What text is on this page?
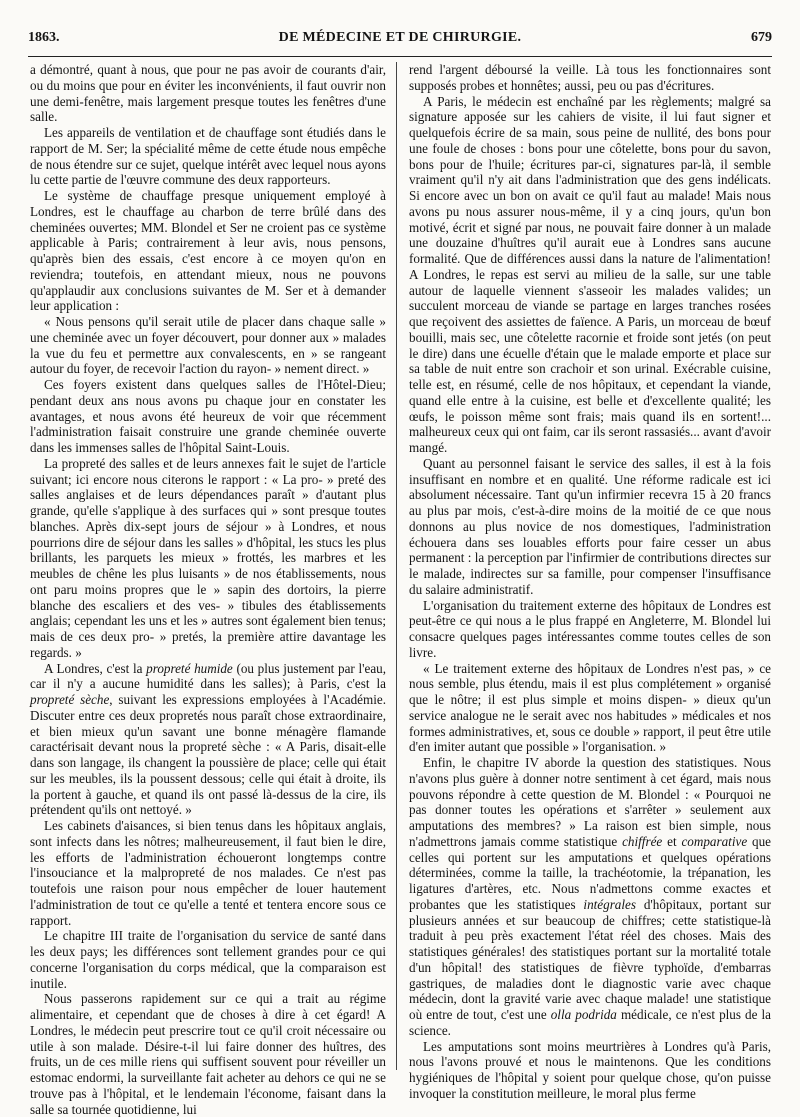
1863.	DE MÉDECINE ET DE CHIRURGIE.	679

a démontré, quant à nous, que pour ne pas avoir de courants d'air, ou du moins que pour en éviter les inconvénients, il faut ouvrir non une demi-fenêtre, mais largement presque toutes les fenêtres d'une salle.

Les appareils de ventilation et de chauffage sont étudiés dans le rapport de M. Ser; la spécialité même de cette étude nous empêche de nous étendre sur ce sujet, quelque intérêt avec lequel nous ayons lu cette partie de l'œuvre commune des deux rapporteurs.

Le système de chauffage presque uniquement employé à Londres, est le chauffage au charbon de terre brûlé dans des cheminées ouvertes; MM. Blondel et Ser ne croient pas ce système applicable à Paris; contrairement à leur avis, nous pensons, qu'après bien des essais, c'est encore à ce moyen qu'on en reviendra; toutefois, en attendant mieux, nous ne pouvons qu'applaudir aux conclusions suivantes de M. Ser et à demander leur application :

« Nous pensons qu'il serait utile de placer dans chaque salle » une cheminée avec un foyer découvert, pour donner aux » malades la vue du feu et permettre aux convalescents, en » se rangeant autour du foyer, de recevoir l'action du rayon- » nement direct. »

Ces foyers existent dans quelques salles de l'Hôtel-Dieu; pendant deux ans nous avons pu chaque jour en constater les avantages, et nous avons été heureux de voir que récemment l'administration faisait construire une grande cheminée ouverte dans les immenses salles de l'hôpital Saint-Louis.

La propreté des salles et de leurs annexes fait le sujet de l'article suivant; ici encore nous citerons le rapport : « La pro- » preté des salles anglaises et de leurs dépendances paraît » d'autant plus grande, qu'elle s'applique à des surfaces qui » sont presque toutes blanches. Après dix-sept jours de séjour » à Londres, et nous pourrions dire de séjour dans les salles » d'hôpital, les stucs les plus brillants, les parquets les mieux » frottés, les marbres et les meubles de chêne les plus luisants » de nos établissements, nous ont paru moins propres que le » sapin des dortoirs, la pierre blanche des escaliers et des ves- » tibules des établissements anglais; cependant les uns et les » autres sont également bien tenus; mais de ces deux pro- » pretés, la première attire davantage les regards. »

A Londres, c'est la propreté humide (ou plus justement par l'eau, car il n'y a aucune humidité dans les salles); à Paris, c'est la propreté sèche, suivant les expressions employées à l'Académie. Discuter entre ces deux propretés nous paraît chose extraordinaire, et bien mieux qu'un savant une bonne ménagère flamande caractérisait devant nous la propreté sèche : « A Paris, disait-elle dans son langage, ils changent la poussière de place; celle qui était sur les meubles, ils la poussent dessous; celle qui était à droite, ils la portent à gauche, et quand ils ont passé là-dessus de la cire, ils prétendent qu'ils ont nettoyé. »

Les cabinets d'aisances, si bien tenus dans les hôpitaux anglais, sont infects dans les nôtres; malheureusement, il faut bien le dire, les efforts de l'administration échoueront longtemps contre l'insouciance et la malpropreté de nos malades. Ce n'est pas toutefois une raison pour nous empêcher de louer hautement l'administration de tout ce qu'elle a tenté et tentera encore sous ce rapport.

Le chapitre III traite de l'organisation du service de santé dans les deux pays; les différences sont tellement grandes pour ce qui concerne l'organisation du corps médical, que la comparaison est inutile.

Nous passerons rapidement sur ce qui a trait au régime alimentaire, et cependant que de choses à dire à cet égard! A Londres, le médecin peut prescrire tout ce qu'il croit nécessaire ou utile à son malade. Désire-t-il lui faire donner des huîtres, des fruits, un de ces mille riens qui suffisent souvent pour réveiller un estomac endormi, la surveillante fait acheter au dehors ce qui ne se trouve pas à l'hôpital, et le lendemain l'économe, faisant dans la salle sa tournée quotidienne, lui

rend l'argent déboursé la veille. Là tous les fonctionnaires sont supposés probes et honnêtes; aussi, peu ou pas d'écritures.

A Paris, le médecin est enchaîné par les règlements; malgré sa signature apposée sur les cahiers de visite, il lui faut signer et quelquefois écrire de sa main, sous peine de nullité, des bons pour une foule de choses : bons pour une côtelette, bons pour du savon, bons pour de l'huile; écritures par-ci, signatures par-là, il semble vraiment qu'il n'y ait dans l'administration que des gens indélicats. Si encore avec un bon on avait ce qu'il faut au malade! Mais nous avons pu nous assurer nous-même, il y a cinq jours, qu'un bon motivé, écrit et signé par nous, ne pouvait faire donner à un malade une douzaine d'huîtres qu'il aurait eue à Londres sans aucune formalité. Que de différences aussi dans la nature de l'alimentation! A Londres, le repas est servi au milieu de la salle, sur une table autour de laquelle viennent s'asseoir les malades valides; un succulent morceau de viande se partage en larges tranches rosées que reçoivent des assiettes de faïence. A Paris, un morceau de bœuf bouilli, mais sec, une côtelette racornie et froide sont jetés (on peut le dire) dans une écuelle d'étain que le malade emporte et place sur sa table de nuit entre son crachoir et son urinal. Exécrable cuisine, telle est, en résumé, celle de nos hôpitaux, et cependant la viande, quand elle entre à la cuisine, est belle et d'excellente qualité; les œufs, le poisson même sont frais; mais quand ils en sortent!... malheureux ceux qui ont faim, car ils seront rassasiés... avant d'avoir mangé.

Quant au personnel faisant le service des salles, il est à la fois insuffisant en nombre et en qualité. Une réforme radicale est ici absolument nécessaire. Tant qu'un infirmier recevra 15 à 20 francs au plus par mois, c'est-à-dire moins de la moitié de ce que nous donnons au plus novice de nos domestiques, l'administration échouera dans ses louables efforts pour faire cesser un abus permanent : la perception par l'infirmier de contributions directes sur le malade, indirectes sur sa famille, pour compenser l'insuffisance du salaire administratif.

L'organisation du traitement externe des hôpitaux de Londres est peut-être ce qui nous a le plus frappé en Angleterre, M. Blondel lui consacre quelques pages intéressantes comme toutes celles de son livre.

« Le traitement externe des hôpitaux de Londres n'est pas, » ce nous semble, plus étendu, mais il est plus complétement » organisé que le nôtre; il est plus simple et moins dispen- » dieux qu'un service analogue ne le serait avec nos habitudes » médicales et nos formes administratives, et, sous ce double » rapport, il peut être utile d'en imiter autant que possible » l'organisation. »

Enfin, le chapitre IV aborde la question des statistiques. Nous n'avons plus guère à donner notre sentiment à cet égard, mais nous pouvons répondre à cette question de M. Blondel : « Pourquoi ne pas donner toutes les opérations et s'arrêter » seulement aux amputations des membres? » La raison est bien simple, nous n'admettrons jamais comme statistique chiffrée et comparative que celles qui portent sur les amputations et quelques opérations déterminées, comme la taille, la trachéotomie, la trépanation, les ligatures d'artères, etc. Nous n'admettons comme exactes et probantes que les statistiques intégrales d'hôpitaux, portant sur plusieurs années et sur beaucoup de chiffres; cette statistique-là traduit à peu près exactement l'état réel des choses. Mais des statistiques générales! des statistiques portant sur la mortalité totale d'un hôpital! des statistiques de fièvre typhoïde, d'embarras gastriques, de maladies dont le diagnostic varie avec chaque médecin, dont la gravité varie avec chaque malade! une statistique où entre de tout, c'est une olla podrida médicale, ce n'est plus de la science.

Les amputations sont moins meurtrières à Londres qu'à Paris, nous l'avons prouvé et nous le maintenons. Que les conditions hygiéniques de l'hôpital y soient pour quelque chose, qu'on puisse invoquer la constitution meilleure, le moral plus ferme
